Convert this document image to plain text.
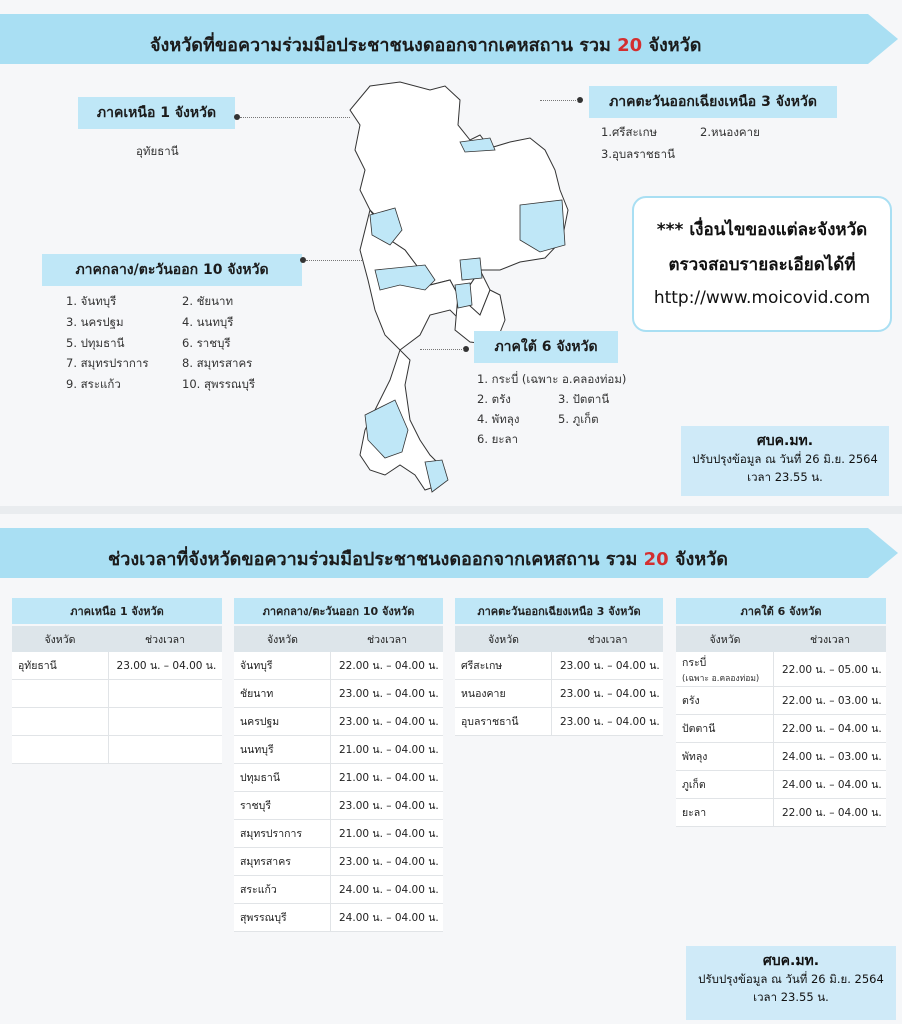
จังหวัดที่ขอความร่วมมือประชาชนงดออกจากเคหสถาน รวม 20 จังหวัด
ภาคเหนือ 1 จังหวัด
อุทัยธานี
ภาคตะวันออกเฉียงเหนือ 3 จังหวัด
1.ศรีสะเกษ	2.หนองคาย
3.อุบลราชธานี
*** เงื่อนไขของแต่ละจังหวัด
ตรวจสอบรายละเอียดได้ที่
http://www.moicovid.com
ภาคกลาง/ตะวันออก 10 จังหวัด
1. จันทบุรี	2. ชัยนาท
3. นครปฐม	4. นนทบุรี
5. ปทุมธานี	6. ราชบุรี
7. สมุทรปราการ	8. สมุทรสาคร
9. สระแก้ว	10. สุพรรณบุรี
ภาคใต้ 6 จังหวัด
1. กระบี่ (เฉพาะ อ.คลองท่อม)
2. ตรัง	3. ปัตตานี
4. พัทลุง	5. ภูเก็ต
6. ยะลา	ศบค.มท.
ปรับปรุงข้อมูล ณ วันที่ 26 มิ.ย. 2564
เวลา 23.55 น.
ช่วงเวลาที่จังหวัดขอความร่วมมือประชาชนงดออกจากเคหสถาน รวม 20 จังหวัด
ภาคเหนือ 1 จังหวัด
จังหวัด	ช่วงเวลา
อุทัยธานี	23.00 น. – 04.00 น.
ภาคกลาง/ตะวันออก 10 จังหวัด
จังหวัด	ช่วงเวลา
จันทบุรี	22.00 น. – 04.00 น.
ชัยนาท	23.00 น. – 04.00 น.
นครปฐม	23.00 น. – 04.00 น.
นนทบุรี	21.00 น. – 04.00 น.
ปทุมธานี	21.00 น. – 04.00 น.
ราชบุรี	23.00 น. – 04.00 น.
สมุทรปราการ	21.00 น. – 04.00 น.
สมุทรสาคร	23.00 น. – 04.00 น.
สระแก้ว	24.00 น. – 04.00 น.
สุพรรณบุรี	24.00 น. – 04.00 น.
ภาคตะวันออกเฉียงเหนือ 3 จังหวัด
จังหวัด	ช่วงเวลา
ศรีสะเกษ	23.00 น. – 04.00 น.
หนองคาย	23.00 น. – 04.00 น.
อุบลราชธานี	23.00 น. – 04.00 น.
ภาคใต้ 6 จังหวัด
จังหวัด	ช่วงเวลา
กระบี่
(เฉพาะ อ.คลองท่อม)
22.00 น. – 05.00 น.
ตรัง	22.00 น. – 03.00 น.
ปัตตานี	22.00 น. – 04.00 น.
พัทลุง	24.00 น. – 03.00 น.
ภูเก็ต	24.00 น. – 04.00 น.
ยะลา	22.00 น. – 04.00 น.
ศบค.มท.
ปรับปรุงข้อมูล ณ วันที่ 26 มิ.ย. 2564
เวลา 23.55 น.
